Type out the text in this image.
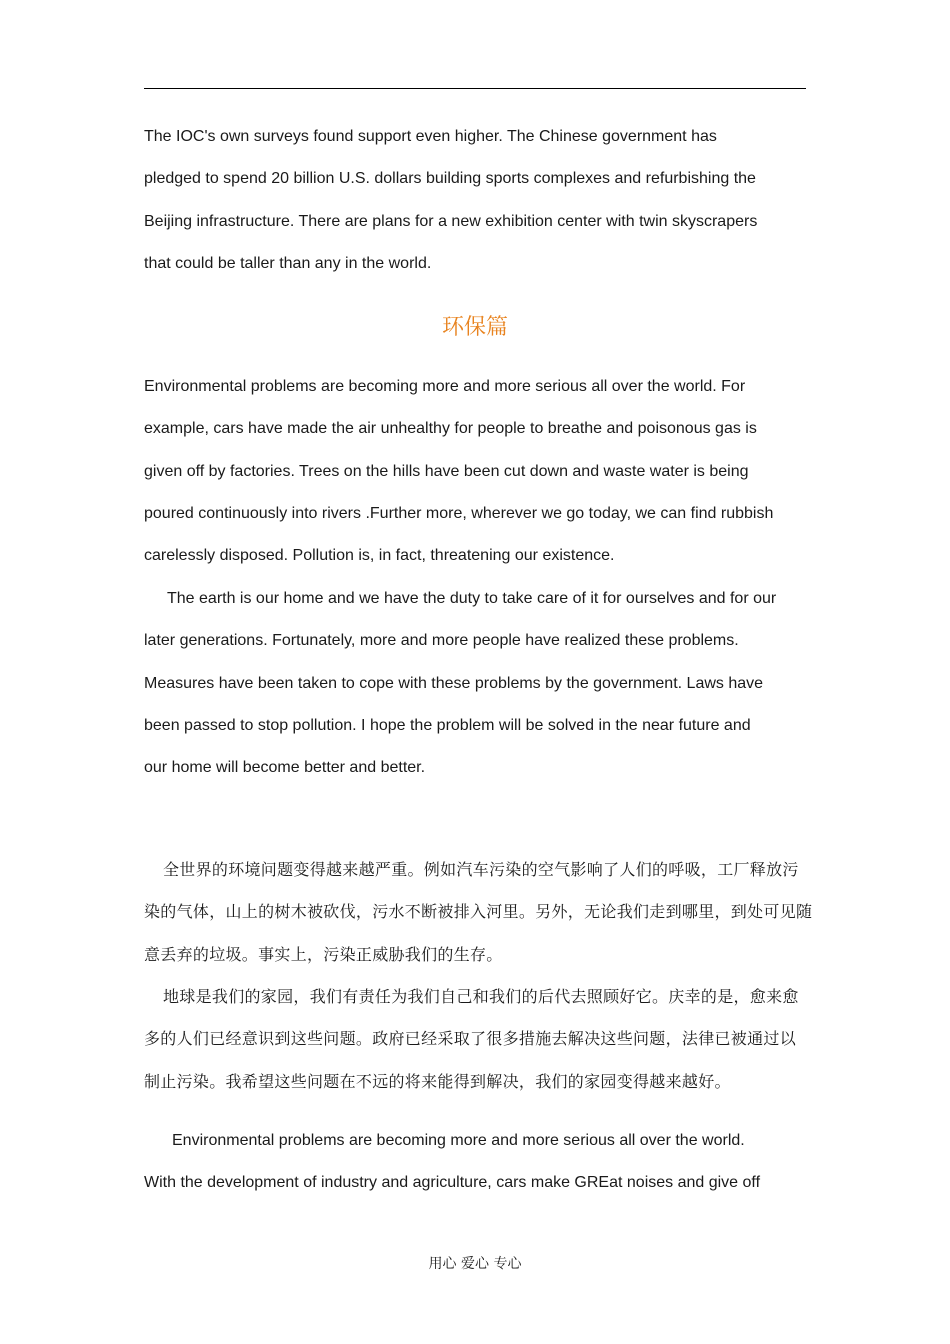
The IOC's own surveys found support even higher. The Chinese government has
pledged to spend 20 billion U.S. dollars building sports complexes and refurbishing the
Beijing infrastructure. There are plans for a new exhibition center with twin skyscrapers
that could be taller than any in the world.
环保篇
Environmental problems are becoming more and more serious all over the world. For
example, cars have made the air unhealthy for people to breathe and poisonous gas is
given off by factories. Trees on the hills have been cut down and waste water is being
poured continuously into rivers .Further more, wherever we go today, we can find rubbish
carelessly disposed. Pollution is, in fact, threatening our existence.
The earth is our home and we have the duty to take care of it for ourselves and for our
later generations. Fortunately, more and more people have realized these problems.
Measures have been taken to cope with these problems by the government. Laws have
been passed to stop pollution. I hope the problem will be solved in the near future and
our home will become better and better.
全世界的环境问题变得越来越严重。例如汽车污染的空气影响了人们的呼吸，工厂释放污
染的气体，山上的树木被砍伐，污水不断被排入河里。另外，无论我们走到哪里，到处可见随
意丢弃的垃圾。事实上，污染正威胁我们的生存。
地球是我们的家园，我们有责任为我们自己和我们的后代去照顾好它。庆幸的是，愈来愈
多的人们已经意识到这些问题。政府已经采取了很多措施去解决这些问题，法律已被通过以
制止污染。我希望这些问题在不远的将来能得到解决，我们的家园变得越来越好。
Environmental problems are becoming more and more serious all over the world.
With the development of industry and agriculture, cars make GREat noises and give off
用心 爱心 专心
